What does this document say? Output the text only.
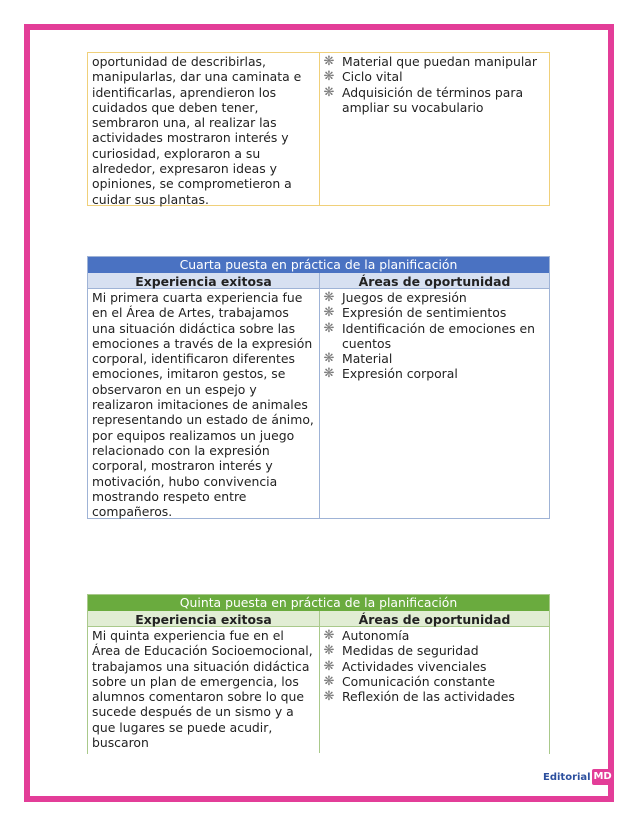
oportunidad de describirlas, manipularlas, dar una caminata e identificarlas, aprendieron los cuidados que deben tener, sembraron una, al realizar las actividades mostraron interés y curiosidad, exploraron a su alrededor, expresaron ideas y opiniones, se comprometieron a cuidar sus plantas.
❋ Material que puedan manipular
❋ Ciclo vital
❋ Adquisición de términos para ampliar su vocabulario
Cuarta puesta en práctica de la planificación
Experiencia exitosa	Áreas de oportunidad
Mi primera cuarta experiencia fue en el Área de Artes, trabajamos una situación didáctica sobre las emociones a través de la expresión corporal, identificaron diferentes emociones, imitaron gestos, se observaron en un espejo y realizaron imitaciones de animales representando un estado de ánimo, por equipos realizamos un juego relacionado con la expresión corporal, mostraron interés y motivación, hubo convivencia mostrando respeto entre compañeros.
❋ Juegos de expresión
❋ Expresión de sentimientos
❋ Identificación de emociones en cuentos
❋ Material
❋ Expresión corporal
Quinta puesta en práctica de la planificación
Experiencia exitosa	Áreas de oportunidad
Mi quinta experiencia fue en el Área de Educación Socioemocional, trabajamos una situación didáctica sobre un plan de emergencia, los alumnos comentaron sobre lo que sucede después de un sismo y a que lugares se puede acudir, buscaron
❋ Autonomía
❋ Medidas de seguridad
❋ Actividades vivenciales
❋ Comunicación constante
❋ Reflexión de las actividades
Editorial MD
